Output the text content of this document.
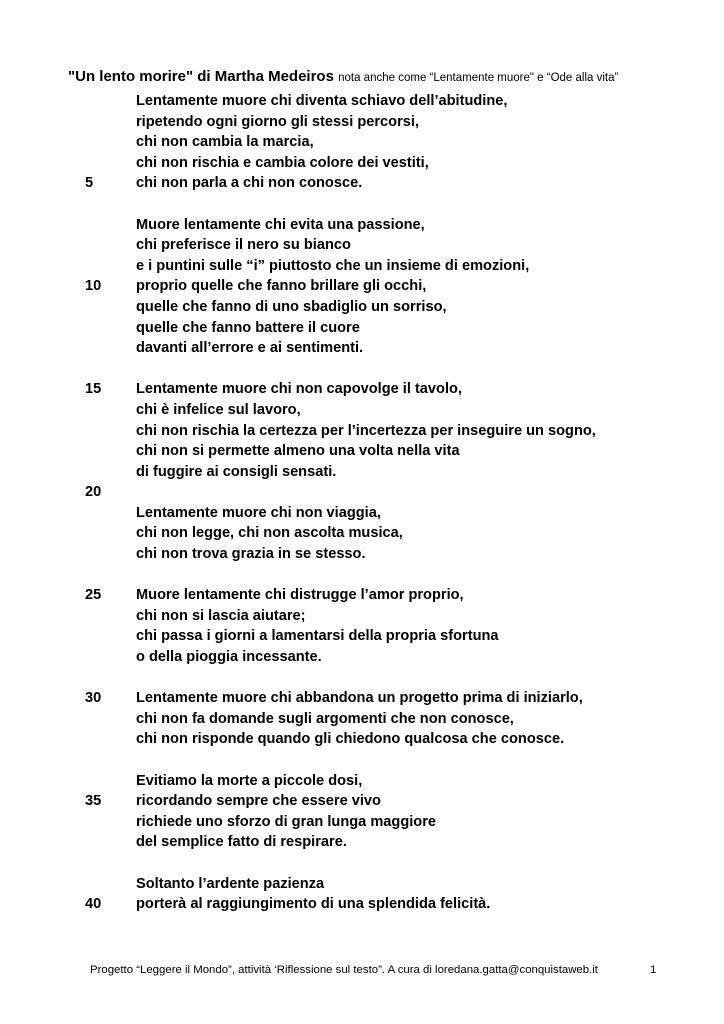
"Un lento morire" di Martha Medeiros nota anche come “Lentamente muore" e “Ode alla vita”
Lentamente muore chi diventa schiavo dell’abitudine,
ripetendo ogni giorno gli stessi percorsi,
chi non cambia la marcia,
chi non rischia e cambia colore dei vestiti,
5	chi non parla a chi non conosce.
Muore lentamente chi evita una passione,
chi preferisce il nero su bianco
e i puntini sulle “i” piuttosto che un insieme di emozioni,
10	proprio quelle che fanno brillare gli occhi,
quelle che fanno di uno sbadiglio un sorriso,
quelle che fanno battere il cuore
davanti all’errore e ai sentimenti.
15	Lentamente muore chi non capovolge il tavolo,
chi è infelice sul lavoro,
chi non rischia la certezza per l’incertezza per inseguire un sogno,
chi non si permette almeno una volta nella vita
di fuggire ai consigli sensati.
20
Lentamente muore chi non viaggia,
chi non legge, chi non ascolta musica,
chi non trova grazia in se stesso.
25	Muore lentamente chi distrugge l’amor proprio,
chi non si lascia aiutare;
chi passa i giorni a lamentarsi della propria sfortuna
o della pioggia incessante.
30	Lentamente muore chi abbandona un progetto prima di iniziarlo,
chi non fa domande sugli argomenti che non conosce,
chi non risponde quando gli chiedono qualcosa che conosce.
Evitiamo la morte a piccole dosi,
35	ricordando sempre che essere vivo
richiede uno sforzo di gran lunga maggiore
del semplice fatto di respirare.
Soltanto l’ardente pazienza
40	porterà al raggiungimento di una splendida felicità.
Progetto “Leggere il Mondo”, attività ‘Riflessione sul testo”. A cura di loredana.gatta@conquistaweb.it	1
